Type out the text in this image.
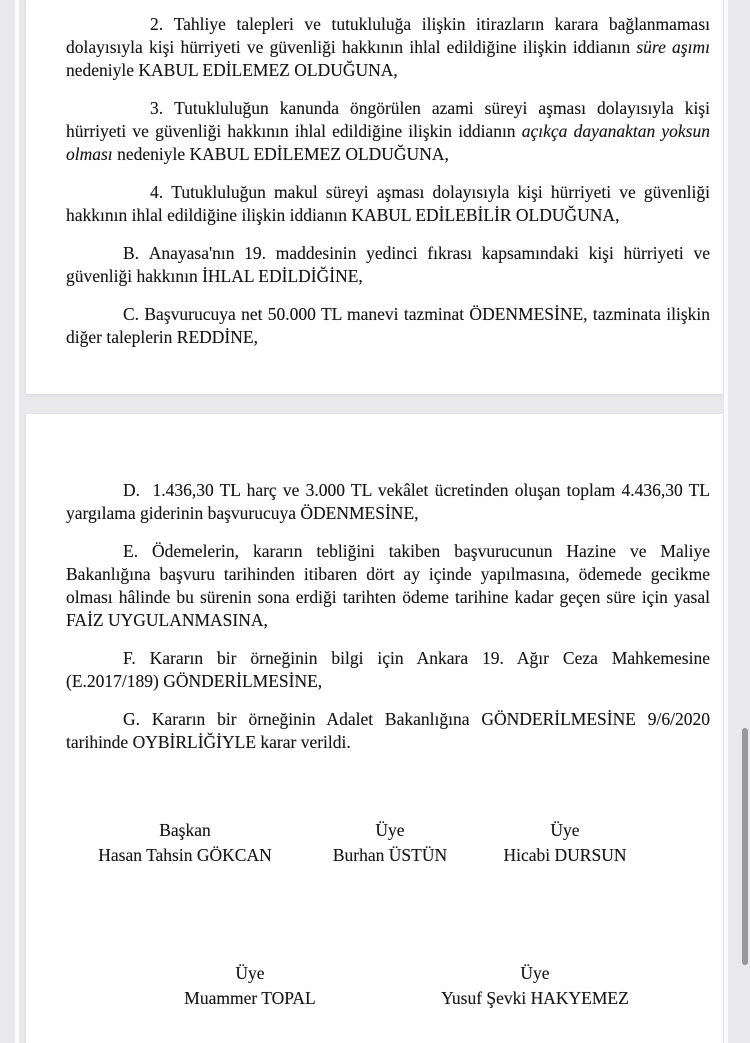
2. Tahliye talepleri ve tutukluluğa ilişkin itirazların karara bağlanmaması dolayısıyla kişi hürriyeti ve güvenliği hakkının ihlal edildiğine ilişkin iddianın süre aşımı nedeniyle KABUL EDİLEMEZ OLDUĞUNA,

3. Tutukluluğun kanunda öngörülen azami süreyi aşması dolayısıyla kişi hürriyeti ve güvenliği hakkının ihlal edildiğine ilişkin iddianın açıkça dayanaktan yoksun olması nedeniyle KABUL EDİLEMEZ OLDUĞUNA,

4. Tutukluluğun makul süreyi aşması dolayısıyla kişi hürriyeti ve güvenliği hakkının ihlal edildiğine ilişkin iddianın KABUL EDİLEBİLİR OLDUĞUNA,

B. Anayasa'nın 19. maddesinin yedinci fıkrası kapsamındaki kişi hürriyeti ve güvenliği hakkının İHLAL EDİLDİĞİNE,

C. Başvurucuya net 50.000 TL manevi tazminat ÖDENMESİNE, tazminata ilişkin diğer taleplerin REDDİNE,

D.  1.436,30 TL harç ve 3.000 TL vekâlet ücretinden oluşan toplam 4.436,30 TL yargılama giderinin başvurucuya ÖDENMESİNE,

E. Ödemelerin, kararın tebliğini takiben başvurucunun Hazine ve Maliye Bakanlığına başvuru tarihinden itibaren dört ay içinde yapılmasına, ödemede gecikme olması hâlinde bu sürenin sona erdiği tarihten ödeme tarihine kadar geçen süre için yasal FAİZ UYGULANMASINA,

F. Kararın bir örneğinin bilgi için Ankara 19. Ağır Ceza Mahkemesine (E.2017/189) GÖNDERİLMESİNE,

G. Kararın bir örneğinin Adalet Bakanlığına GÖNDERİLMESİNE 9/6/2020 tarihinde OYBİRLİĞİYLE karar verildi.

Başkan
Hasan Tahsin GÖKCAN
Üye
Burhan ÜSTÜN
Üye
Hicabi DURSUN
Üye
Muammer TOPAL
Üye
Yusuf Şevki HAKYEMEZ
